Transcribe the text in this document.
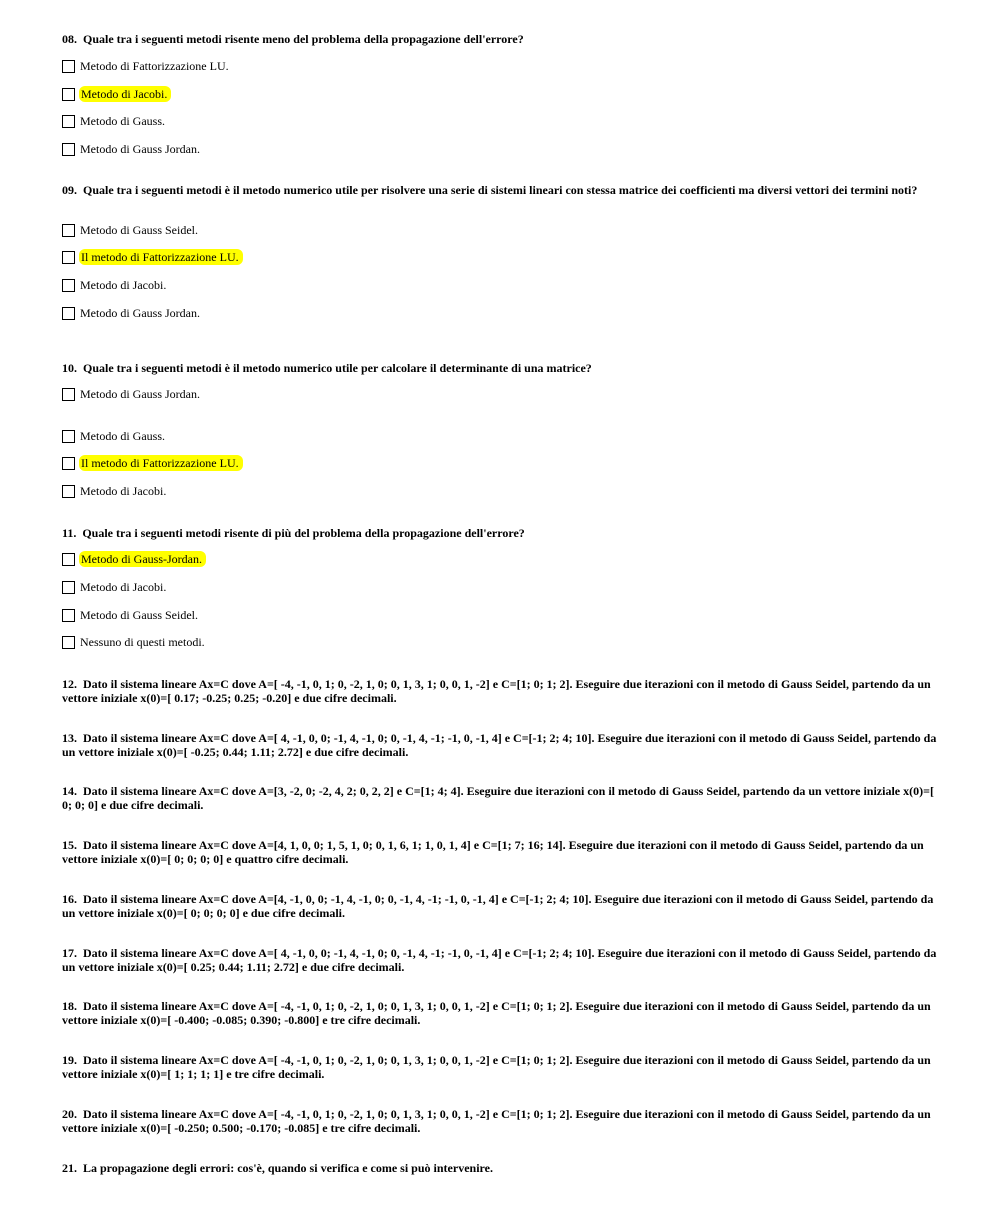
08. Quale tra i seguenti metodi risente meno del problema della propagazione dell'errore?
Metodo di Fattorizzazione LU.
Metodo di Jacobi.
Metodo di Gauss.
Metodo di Gauss Jordan.
09. Quale tra i seguenti metodi è il metodo numerico utile per risolvere una serie di sistemi lineari con stessa matrice dei coefficienti ma diversi vettori dei termini noti?
Metodo di Gauss Seidel.
Il metodo di Fattorizzazione LU.
Metodo di Jacobi.
Metodo di Gauss Jordan.
10. Quale tra i seguenti metodi è il metodo numerico utile per calcolare il determinante di una matrice?
Metodo di Gauss Jordan.
Metodo di Gauss.
Il metodo di Fattorizzazione LU.
Metodo di Jacobi.
11. Quale tra i seguenti metodi risente di più del problema della propagazione dell'errore?
Metodo di Gauss-Jordan.
Metodo di Jacobi.
Metodo di Gauss Seidel.
Nessuno di questi metodi.
12. Dato il sistema lineare Ax=C dove A=[ -4, -1, 0, 1; 0, -2, 1, 0; 0, 1, 3, 1; 0, 0, 1, -2] e C=[1; 0; 1; 2]. Eseguire due iterazioni con il metodo di Gauss Seidel, partendo da un vettore iniziale x(0)=[ 0.17; -0.25; 0.25; -0.20] e due cifre decimali.
13. Dato il sistema lineare Ax=C dove A=[ 4, -1, 0, 0; -1, 4, -1, 0; 0, -1, 4, -1; -1, 0, -1, 4] e C=[-1; 2; 4; 10]. Eseguire due iterazioni con il metodo di Gauss Seidel, partendo da un vettore iniziale x(0)=[ -0.25; 0.44; 1.11; 2.72] e due cifre decimali.
14. Dato il sistema lineare Ax=C dove A=[3, -2, 0; -2, 4, 2; 0, 2, 2] e C=[1; 4; 4]. Eseguire due iterazioni con il metodo di Gauss Seidel, partendo da un vettore iniziale x(0)=[ 0; 0; 0] e due cifre decimali.
15. Dato il sistema lineare Ax=C dove A=[4, 1, 0, 0; 1, 5, 1, 0; 0, 1, 6, 1; 1, 0, 1, 4] e C=[1; 7; 16; 14]. Eseguire due iterazioni con il metodo di Gauss Seidel, partendo da un vettore iniziale x(0)=[ 0; 0; 0; 0] e quattro cifre decimali.
16. Dato il sistema lineare Ax=C dove A=[4, -1, 0, 0; -1, 4, -1, 0; 0, -1, 4, -1; -1, 0, -1, 4] e C=[-1; 2; 4; 10]. Eseguire due iterazioni con il metodo di Gauss Seidel, partendo da un vettore iniziale x(0)=[ 0; 0; 0; 0] e due cifre decimali.
17. Dato il sistema lineare Ax=C dove A=[ 4, -1, 0, 0; -1, 4, -1, 0; 0, -1, 4, -1; -1, 0, -1, 4] e C=[-1; 2; 4; 10]. Eseguire due iterazioni con il metodo di Gauss Seidel, partendo da un vettore iniziale x(0)=[ 0.25; 0.44; 1.11; 2.72] e due cifre decimali.
18. Dato il sistema lineare Ax=C dove A=[ -4, -1, 0, 1; 0, -2, 1, 0; 0, 1, 3, 1; 0, 0, 1, -2] e C=[1; 0; 1; 2]. Eseguire due iterazioni con il metodo di Gauss Seidel, partendo da un vettore iniziale x(0)=[ -0.400; -0.085; 0.390; -0.800] e tre cifre decimali.
19. Dato il sistema lineare Ax=C dove A=[ -4, -1, 0, 1; 0, -2, 1, 0; 0, 1, 3, 1; 0, 0, 1, -2] e C=[1; 0; 1; 2]. Eseguire due iterazioni con il metodo di Gauss Seidel, partendo da un vettore iniziale x(0)=[ 1; 1; 1; 1] e tre cifre decimali.
20. Dato il sistema lineare Ax=C dove A=[ -4, -1, 0, 1; 0, -2, 1, 0; 0, 1, 3, 1; 0, 0, 1, -2] e C=[1; 0; 1; 2]. Eseguire due iterazioni con il metodo di Gauss Seidel, partendo da un vettore iniziale x(0)=[ -0.250; 0.500; -0.170; -0.085] e tre cifre decimali.
21. La propagazione degli errori: cos'è, quando si verifica e come si può intervenire.
